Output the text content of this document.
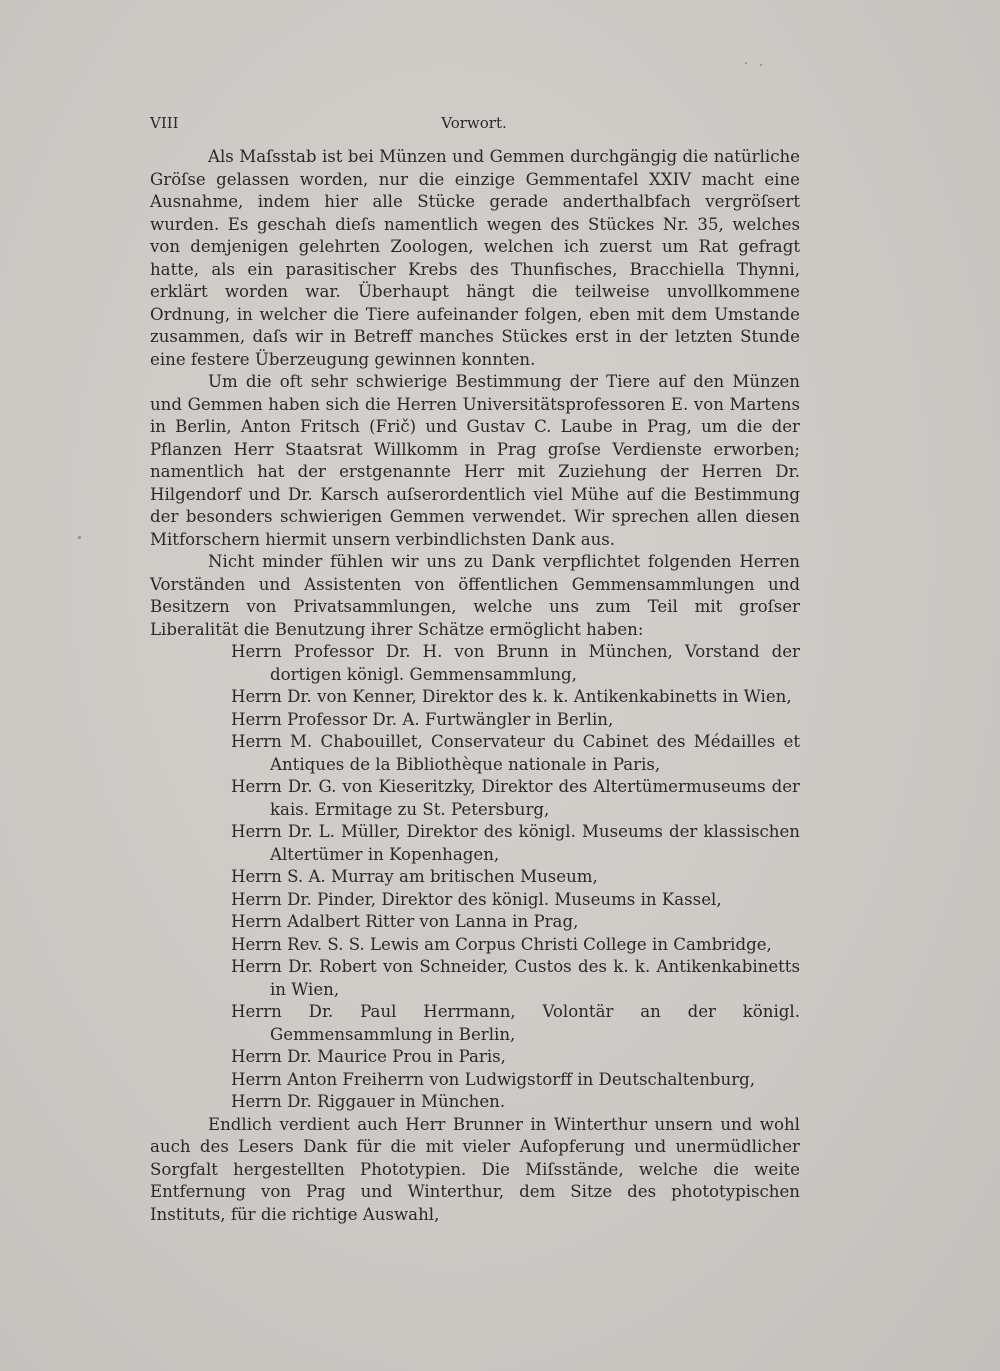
VIII	Vorwort.

Als Maſsstab ist bei Münzen und Gemmen durchgängig die natürliche Gröſse gelassen worden, nur die einzige Gemmentafel XXIV macht eine Ausnahme, indem hier alle Stücke gerade anderthalbfach vergröſsert wurden. Es geschah dieſs namentlich wegen des Stückes Nr. 35, welches von demjenigen gelehrten Zoologen, welchen ich zuerst um Rat gefragt hatte, als ein parasitischer Krebs des Thunfisches, Bracchiella Thynni, erklärt worden war. Überhaupt hängt die teilweise unvollkommene Ordnung, in welcher die Tiere aufeinander folgen, eben mit dem Umstande zusammen, daſs wir in Betreff manches Stückes erst in der letzten Stunde eine festere Überzeugung gewinnen konnten.

Um die oft sehr schwierige Bestimmung der Tiere auf den Münzen und Gemmen haben sich die Herren Universitätsprofessoren E. von Martens in Berlin, Anton Fritsch (Frič) und Gustav C. Laube in Prag, um die der Pflanzen Herr Staatsrat Willkomm in Prag groſse Verdienste erworben; namentlich hat der erstgenannte Herr mit Zuziehung der Herren Dr. Hilgendorf und Dr. Karsch auſserordentlich viel Mühe auf die Bestimmung der besonders schwierigen Gemmen verwendet. Wir sprechen allen diesen Mitforschern hiermit unsern verbindlichsten Dank aus.

Nicht minder fühlen wir uns zu Dank verpflichtet folgenden Herren Vorständen und Assistenten von öffentlichen Gemmensammlungen und Besitzern von Privatsammlungen, welche uns zum Teil mit groſser Liberalität die Benutzung ihrer Schätze ermöglicht haben:

Herrn Professor Dr. H. von Brunn in München, Vorstand der dortigen königl. Gemmensammlung,
Herrn Dr. von Kenner, Direktor des k. k. Antikenkabinetts in Wien,
Herrn Professor Dr. A. Furtwängler in Berlin,
Herrn M. Chabouillet, Conservateur du Cabinet des Médailles et Antiques de la Bibliothèque nationale in Paris,
Herrn Dr. G. von Kieseritzky, Direktor des Altertümermuseums der kais. Ermitage zu St. Petersburg,
Herrn Dr. L. Müller, Direktor des königl. Museums der klassischen Altertümer in Kopenhagen,
Herrn S. A. Murray am britischen Museum,
Herrn Dr. Pinder, Direktor des königl. Museums in Kassel,
Herrn Adalbert Ritter von Lanna in Prag,
Herrn Rev. S. S. Lewis am Corpus Christi College in Cambridge,
Herrn Dr. Robert von Schneider, Custos des k. k. Antikenkabinetts in Wien,
Herrn Dr. Paul Herrmann, Volontär an der königl. Gemmensammlung in Berlin,
Herrn Dr. Maurice Prou in Paris,
Herrn Anton Freiherrn von Ludwigstorff in Deutschaltenburg,
Herrn Dr. Riggauer in München.

Endlich verdient auch Herr Brunner in Winterthur unsern und wohl auch des Lesers Dank für die mit vieler Aufopferung und unermüdlicher Sorgfalt hergestellten Phototypien. Die Miſsstände, welche die weite Entfernung von Prag und Winterthur, dem Sitze des phototypischen Instituts, für die richtige Auswahl,
